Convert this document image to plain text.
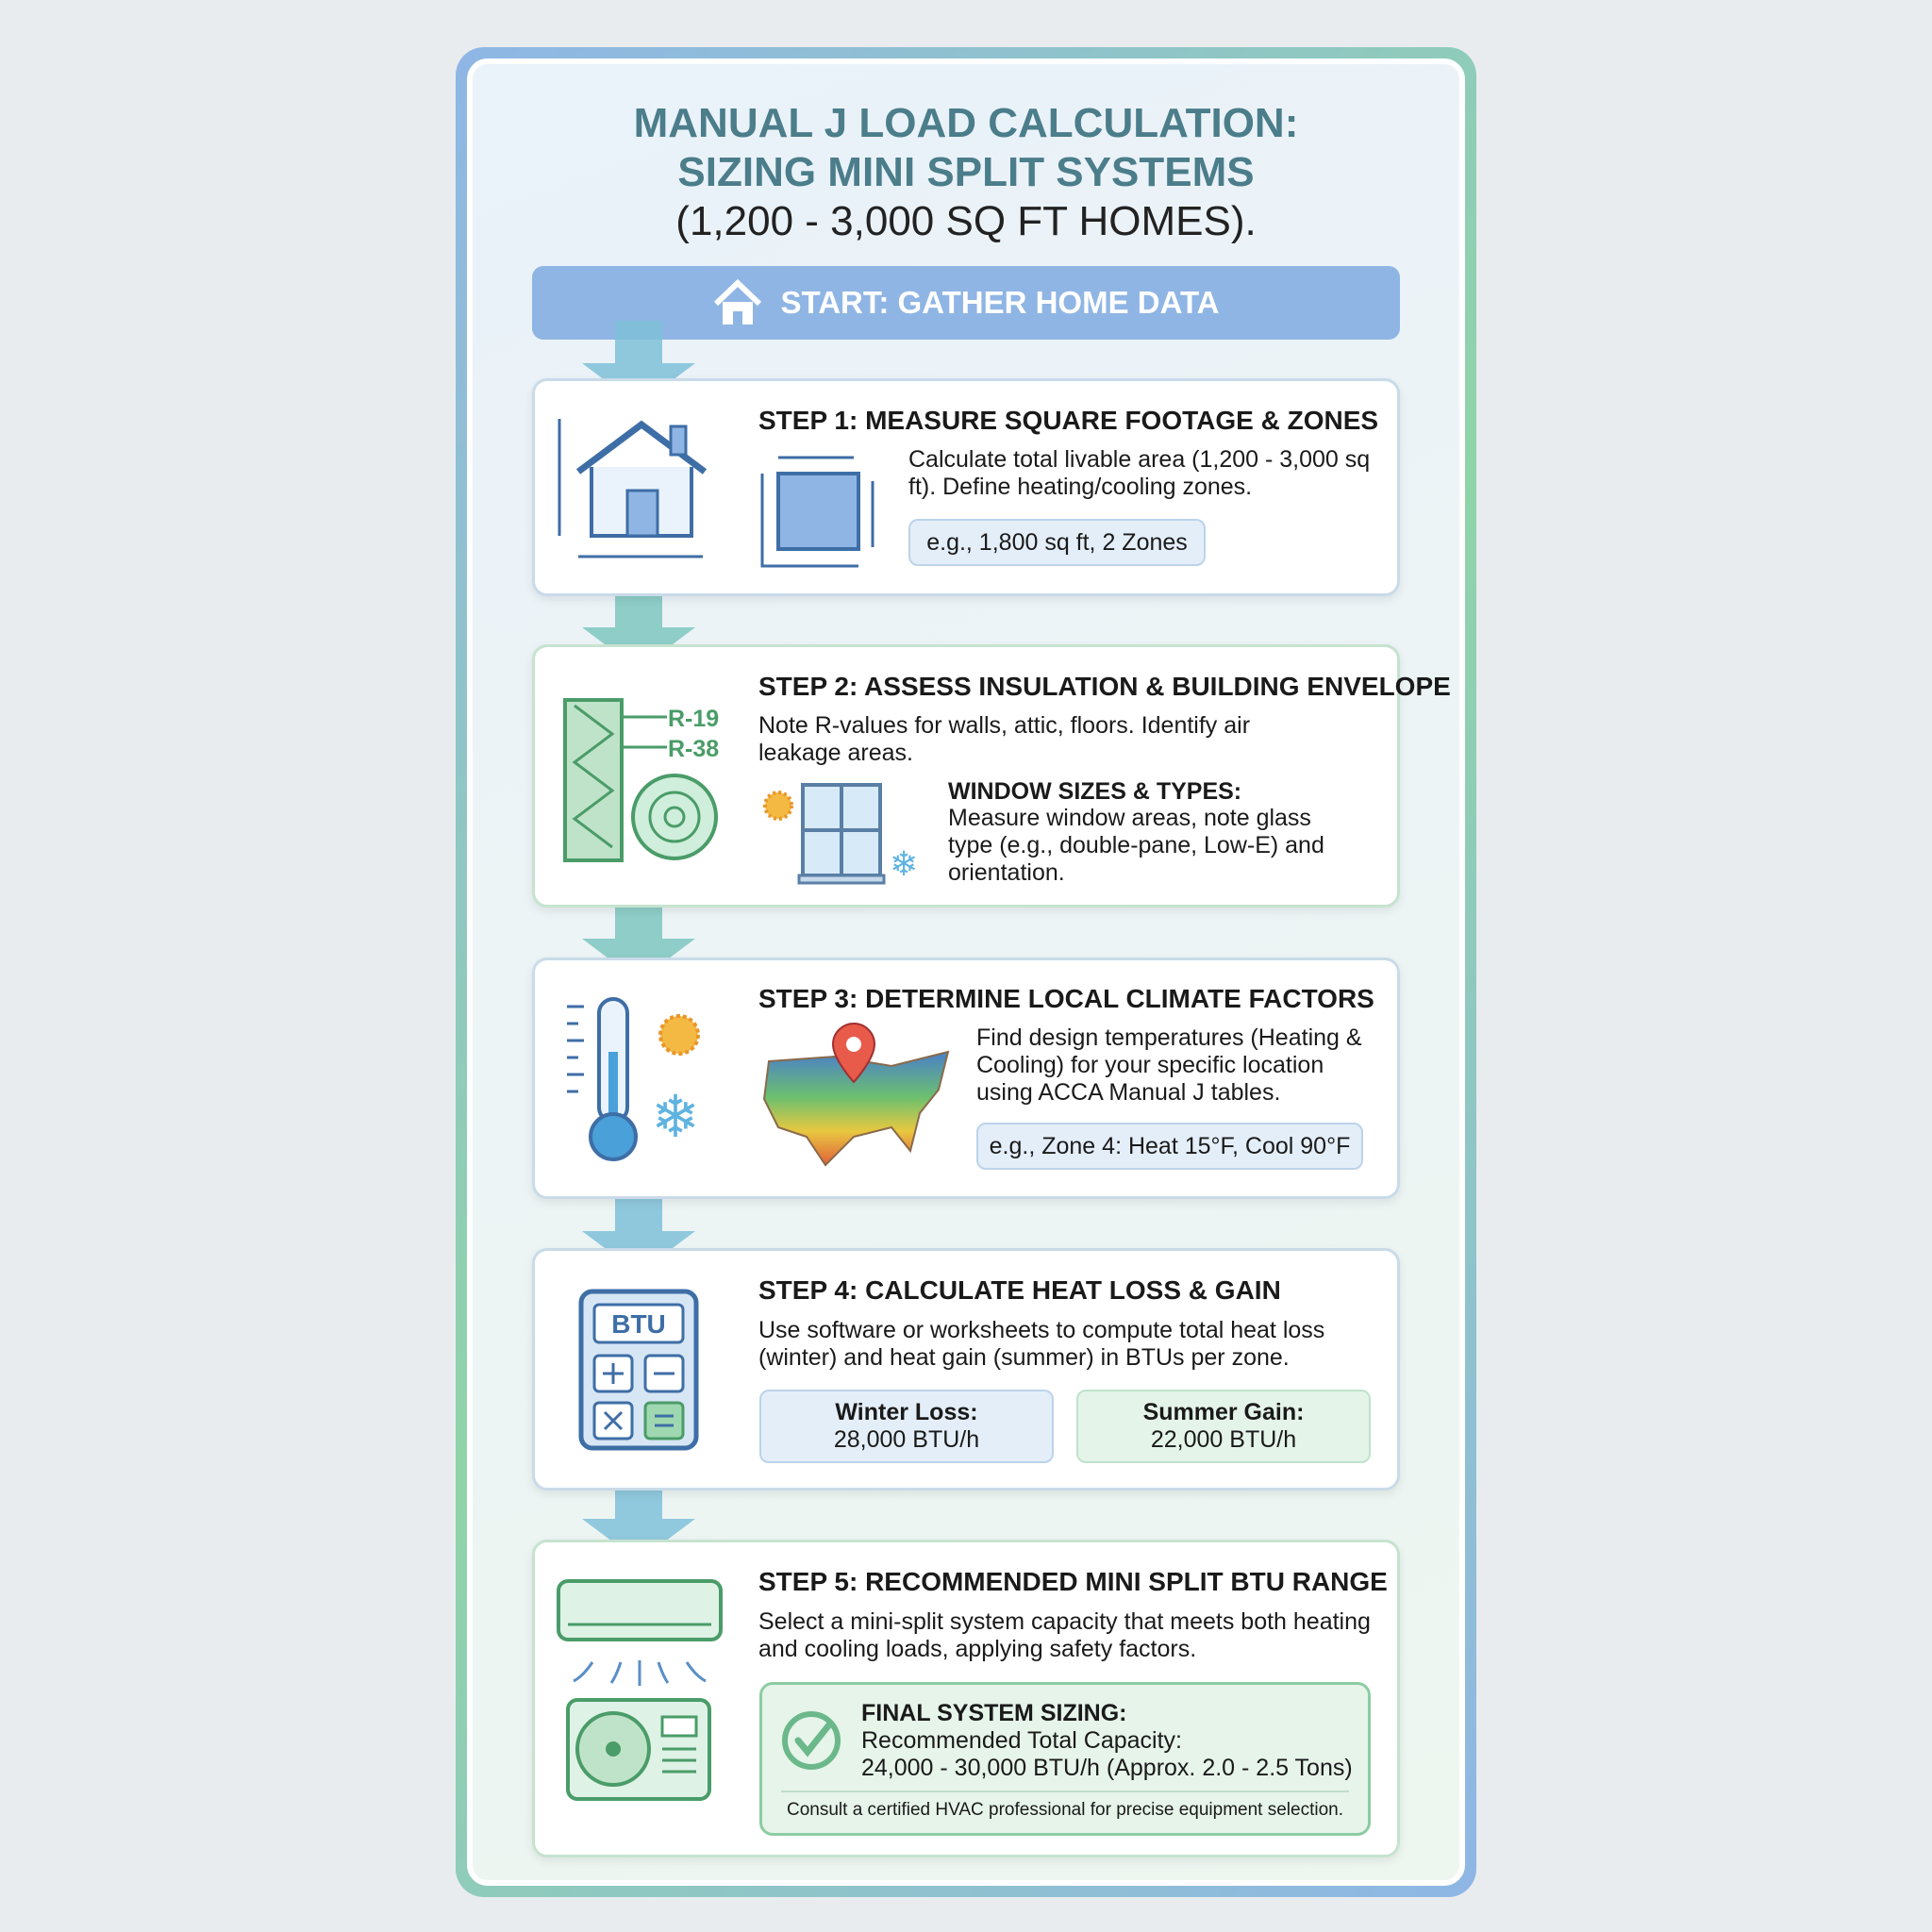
MANUAL J LOAD CALCULATION:
SIZING MINI SPLIT SYSTEMS
(1,200 - 3,000 SQ FT HOMES).
START: GATHER HOME DATA
STEP 1: MEASURE SQUARE FOOTAGE & ZONES
Calculate total livable area (1,200 - 3,000 sq ft). Define heating/cooling zones.
e.g., 1,800 sq ft, 2 Zones
R-19
R-38
❄
STEP 2: ASSESS INSULATION & BUILDING ENVELOPE
Note R-values for walls, attic, floors. Identify air leakage areas.
WINDOW SIZES & TYPES:
Measure window areas, note glass type (e.g., double-pane, Low-E) and orientation.
❄
STEP 3: DETERMINE LOCAL CLIMATE FACTORS
Find design temperatures (Heating & Cooling) for your specific location using ACCA Manual J tables.
e.g., Zone 4: Heat 15°F, Cool 90°F
BTU
STEP 4: CALCULATE HEAT LOSS & GAIN
Use software or worksheets to compute total heat loss (winter) and heat gain (summer) in BTUs per zone.
Winter Loss:
28,000 BTU/h
Summer Gain:
22,000 BTU/h
STEP 5: RECOMMENDED MINI SPLIT BTU RANGE
Select a mini-split system capacity that meets both heating and cooling loads, applying safety factors.
FINAL SYSTEM SIZING:
Recommended Total Capacity:
24,000 - 30,000 BTU/h (Approx. 2.0 - 2.5 Tons)
Consult a certified HVAC professional for precise equipment selection.
